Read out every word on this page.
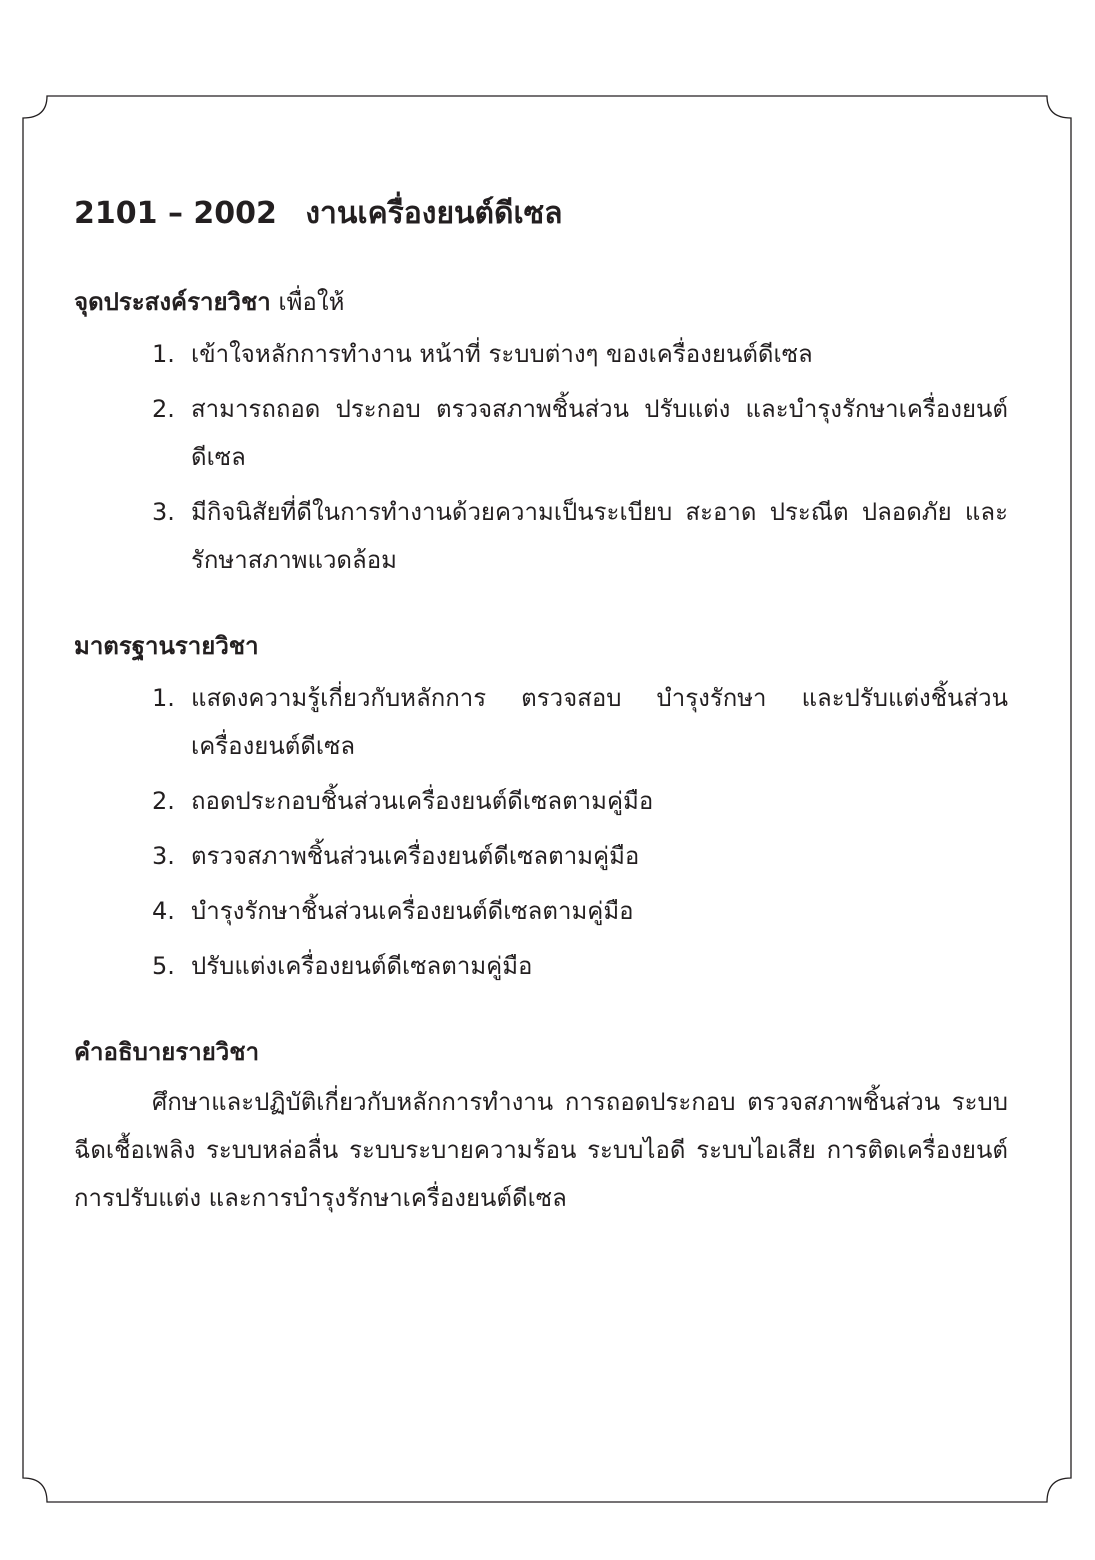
2101 – 2002 งานเครื่องยนต์ดีเซล

จุดประสงค์รายวิชา เพื่อให้

1. เข้าใจหลักการทำงาน หน้าที่ ระบบต่างๆ ของเครื่องยนต์ดีเซล
2. สามารถถอด ประกอบ ตรวจสภาพชิ้นส่วน ปรับแต่ง และบำรุงรักษาเครื่องยนต์ดีเซล
3. มีกิจนิสัยที่ดีในการทำงานด้วยความเป็นระเบียบ สะอาด ประณีต ปลอดภัย และรักษาสภาพแวดล้อม

มาตรฐานรายวิชา

1. แสดงความรู้เกี่ยวกับหลักการ ตรวจสอบ บำรุงรักษา และปรับแต่งชิ้นส่วนเครื่องยนต์ดีเซล
2. ถอดประกอบชิ้นส่วนเครื่องยนต์ดีเซลตามคู่มือ
3. ตรวจสภาพชิ้นส่วนเครื่องยนต์ดีเซลตามคู่มือ
4. บำรุงรักษาชิ้นส่วนเครื่องยนต์ดีเซลตามคู่มือ
5. ปรับแต่งเครื่องยนต์ดีเซลตามคู่มือ

คำอธิบายรายวิชา

ศึกษาและปฏิบัติเกี่ยวกับหลักการทำงาน การถอดประกอบ ตรวจสภาพชิ้นส่วน ระบบฉีดเชื้อเพลิง ระบบหล่อลื่น ระบบระบายความร้อน ระบบไอดี ระบบไอเสีย การติดเครื่องยนต์ การปรับแต่ง และการบำรุงรักษาเครื่องยนต์ดีเซล
